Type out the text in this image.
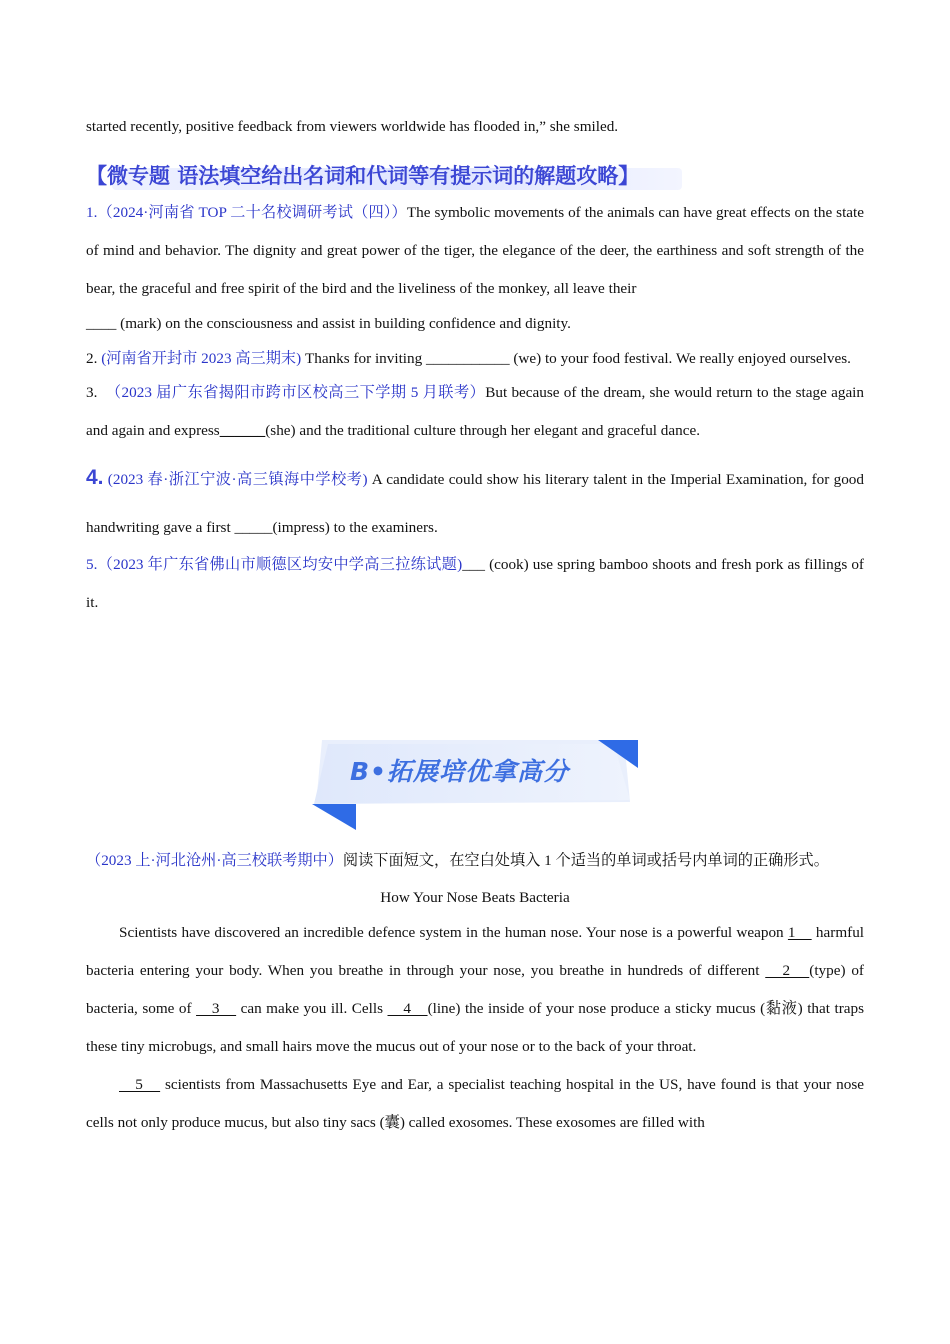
started recently, positive feedback from viewers worldwide has flooded in,” she smiled.

【微专题 语法填空给出名词和代词等有提示词的解题攻略】

1.（2024·河南省 TOP 二十名校调研考试（四））The symbolic movements of the animals can have great effects on the state of mind and behavior. The dignity and great power of the tiger, the elegance of the deer, the earthiness and soft strength of the bear, the graceful and free spirit of the bird and the liveliness of the monkey, all leave their

____ (mark) on the consciousness and assist in building confidence and dignity.

2. (河南省开封市 2023 高三期末) Thanks for inviting ___________ (we) to your food festival. We really enjoyed ourselves.

3.　（2023 届广东省揭阳市跨市区校高三下学期 5 月联考）But because of the dream, she would return to the stage again and again and express______(she) and the traditional culture through her elegant and graceful dance.

4. (2023 春·浙江宁波·高三镇海中学校考) A candidate could show his literary talent in the Imperial Examination, for good handwriting gave a first _____(impress) to the examiners.

5.（2023 年广东省佛山市顺德区均安中学高三拉练试题)___ (cook) use spring bamboo shoots and fresh pork as fillings of it.

B•拓展培优拿高分

（2023 上·河北沧州·高三校联考期中）阅读下面短文，在空白处填入 1 个适当的单词或括号内单词的正确形式。

How Your Nose Beats Bacteria

Scientists have discovered an incredible defence system in the human nose. Your nose is a powerful weapon 1　 harmful bacteria entering your body. When you breathe in through your nose, you breathe in hundreds of different 　2　(type) of bacteria, some of 　3　 can make you ill. Cells 　4　(line) the inside of your nose produce a sticky mucus (黏液) that traps these tiny microbugs, and small hairs move the mucus out of your nose or to the back of your throat.

　5　 scientists from Massachusetts Eye and Ear, a specialist teaching hospital in the US, have found is that your nose cells not only produce mucus, but also tiny sacs (囊) called exosomes. These exosomes are filled with
